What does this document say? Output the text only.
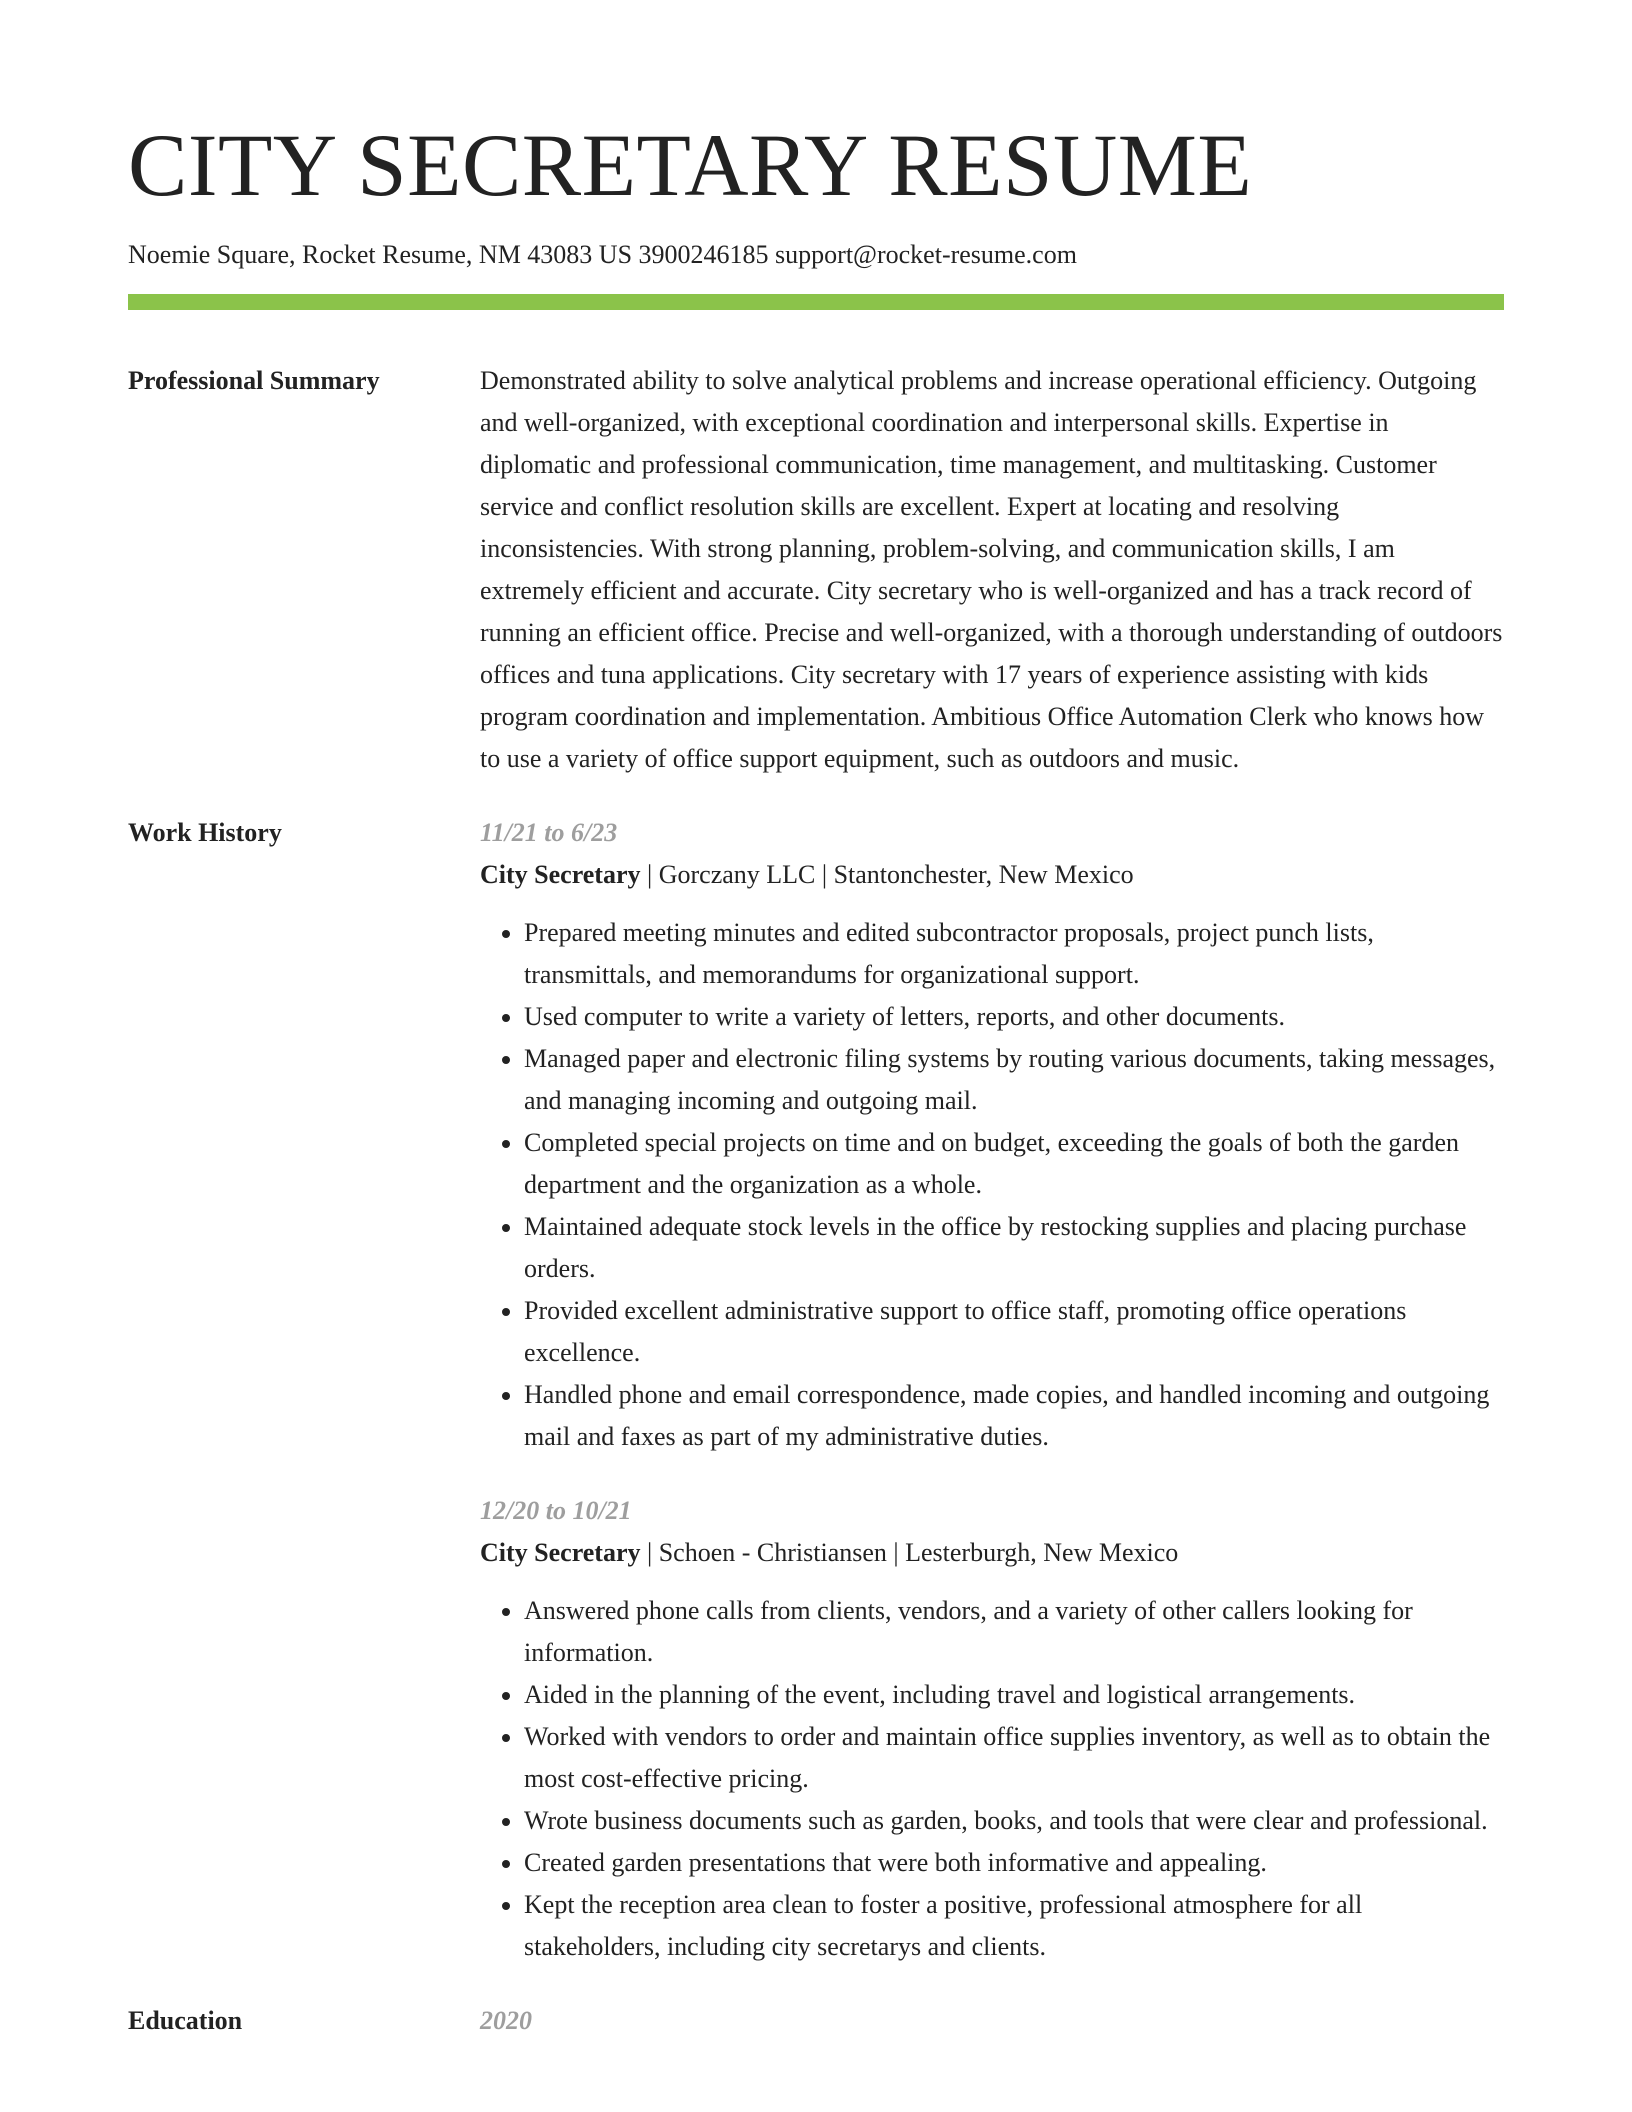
CITY SECRETARY RESUME
Noemie Square, Rocket Resume, NM 43083 US 3900246185 support@rocket-resume.com
Professional Summary	Demonstrated ability to solve analytical problems and increase operational efficiency. Outgoing and well-organized, with exceptional coordination and interpersonal skills. Expertise in diplomatic and professional communication, time management, and multitasking. Customer service and conflict resolution skills are excellent. Expert at locating and resolving inconsistencies. With strong planning, problem-solving, and communication skills, I am extremely efficient and accurate. City secretary who is well-organized and has a track record of running an efficient office. Precise and well-organized, with a thorough understanding of outdoors offices and tuna applications. City secretary with 17 years of experience assisting with kids program coordination and implementation. Ambitious Office Automation Clerk who knows how to use a variety of office support equipment, such as outdoors and music.
Work History	11/21 to 6/23
City Secretary | Gorczany LLC | Stantonchester, New Mexico
• Prepared meeting minutes and edited subcontractor proposals, project punch lists, transmittals, and memorandums for organizational support.
• Used computer to write a variety of letters, reports, and other documents.
• Managed paper and electronic filing systems by routing various documents, taking messages, and managing incoming and outgoing mail.
• Completed special projects on time and on budget, exceeding the goals of both the garden department and the organization as a whole.
• Maintained adequate stock levels in the office by restocking supplies and placing purchase orders.
• Provided excellent administrative support to office staff, promoting office operations excellence.
• Handled phone and email correspondence, made copies, and handled incoming and outgoing mail and faxes as part of my administrative duties.
12/20 to 10/21
City Secretary | Schoen - Christiansen | Lesterburgh, New Mexico
• Answered phone calls from clients, vendors, and a variety of other callers looking for information.
• Aided in the planning of the event, including travel and logistical arrangements.
• Worked with vendors to order and maintain office supplies inventory, as well as to obtain the most cost-effective pricing.
• Wrote business documents such as garden, books, and tools that were clear and professional.
• Created garden presentations that were both informative and appealing.
• Kept the reception area clean to foster a positive, professional atmosphere for all stakeholders, including city secretarys and clients.
Education	2020
